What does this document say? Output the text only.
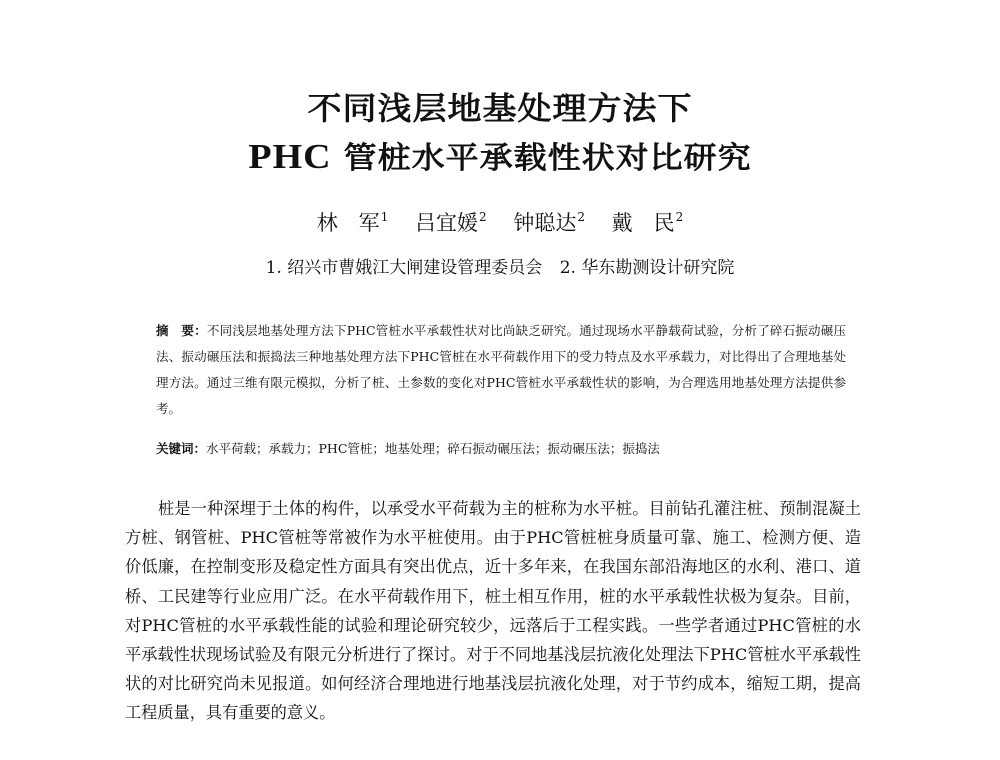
不同浅层地基处理方法下
PHC 管桩水平承载性状对比研究
林　军$^1$ 吕宜媛$^2$ 钟聪达$^2$ 戴　民$^2$
1. 绍兴市曹娥江大闸建设管理委员会 2. 华东勘测设计研究院
摘　要：不同浅层地基处理方法下PHC管桩水平承载性状对比尚缺乏研究。通过现场水平静载荷试验，分析了碎石振动碾压法、振动碾压法和振捣法三种地基处理方法下PHC管桩在水平荷载作用下的受力特点及水平承载力，对比得出了合理地基处理方法。通过三维有限元模拟，分析了桩、土参数的变化对PHC管桩水平承载性状的影响，为合理选用地基处理方法提供参考。
关键词：水平荷载；承载力；PHC管桩；地基处理；碎石振动碾压法；振动碾压法；振捣法
桩是一种深埋于土体的构件，以承受水平荷载为主的桩称为水平桩。目前钻孔灌注桩、预制混凝土方桩、钢管桩、PHC管桩等常被作为水平桩使用。由于PHC管桩桩身质量可靠、施工、检测方便、造价低廉，在控制变形及稳定性方面具有突出优点，近十多年来，在我国东部沿海地区的水利、港口、道桥、工民建等行业应用广泛。在水平荷载作用下，桩土相互作用，桩的水平承载性状极为复杂。目前，对PHC管桩的水平承载性能的试验和理论研究较少，远落后于工程实践。一些学者通过PHC管桩的水平承载性状现场试验及有限元分析进行了探讨。对于不同地基浅层抗液化处理法下PHC管桩水平承载性状的对比研究尚未见报道。如何经济合理地进行地基浅层抗液化处理，对于节约成本，缩短工期，提高工程质量，具有重要的意义。
